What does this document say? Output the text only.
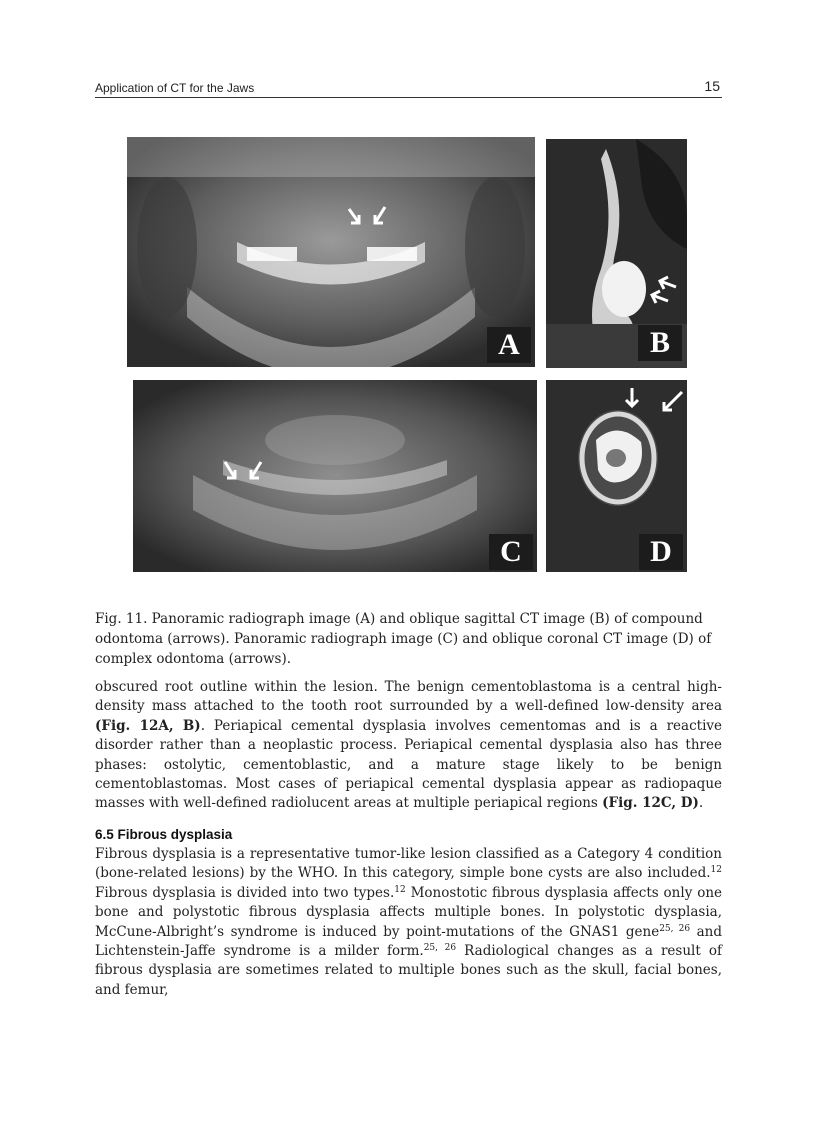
Application of CT for the Jaws	15
A	B
C	D
Fig. 11. Panoramic radiograph image (A) and oblique sagittal CT image (B) of compound odontoma (arrows). Panoramic radiograph image (C) and oblique coronal CT image (D) of complex odontoma (arrows).

obscured root outline within the lesion. The benign cementoblastoma is a central high-density mass attached to the tooth root surrounded by a well-defined low-density area (Fig. 12A, B). Periapical cemental dysplasia involves cementomas and is a reactive disorder rather than a neoplastic process. Periapical cemental dysplasia also has three phases: ostolytic, cementoblastic, and a mature stage likely to be benign cementoblastomas. Most cases of periapical cemental dysplasia appear as radiopaque masses with well-defined radiolucent areas at multiple periapical regions (Fig. 12C, D).

6.5 Fibrous dysplasia

Fibrous dysplasia is a representative tumor-like lesion classified as a Category 4 condition (bone-related lesions) by the WHO. In this category, simple bone cysts are also included.$^{12}$ Fibrous dysplasia is divided into two types.$^{12}$ Monostotic fibrous dysplasia affects only one bone and polystotic fibrous dysplasia affects multiple bones. In polystotic dysplasia, McCune-Albright’s syndrome is induced by point-mutations of the GNAS1 gene$^{25, 26}$ and Lichtenstein-Jaffe syndrome is a milder form.$^{25, 26}$ Radiological changes as a result of fibrous dysplasia are sometimes related to multiple bones such as the skull, facial bones, and femur,
